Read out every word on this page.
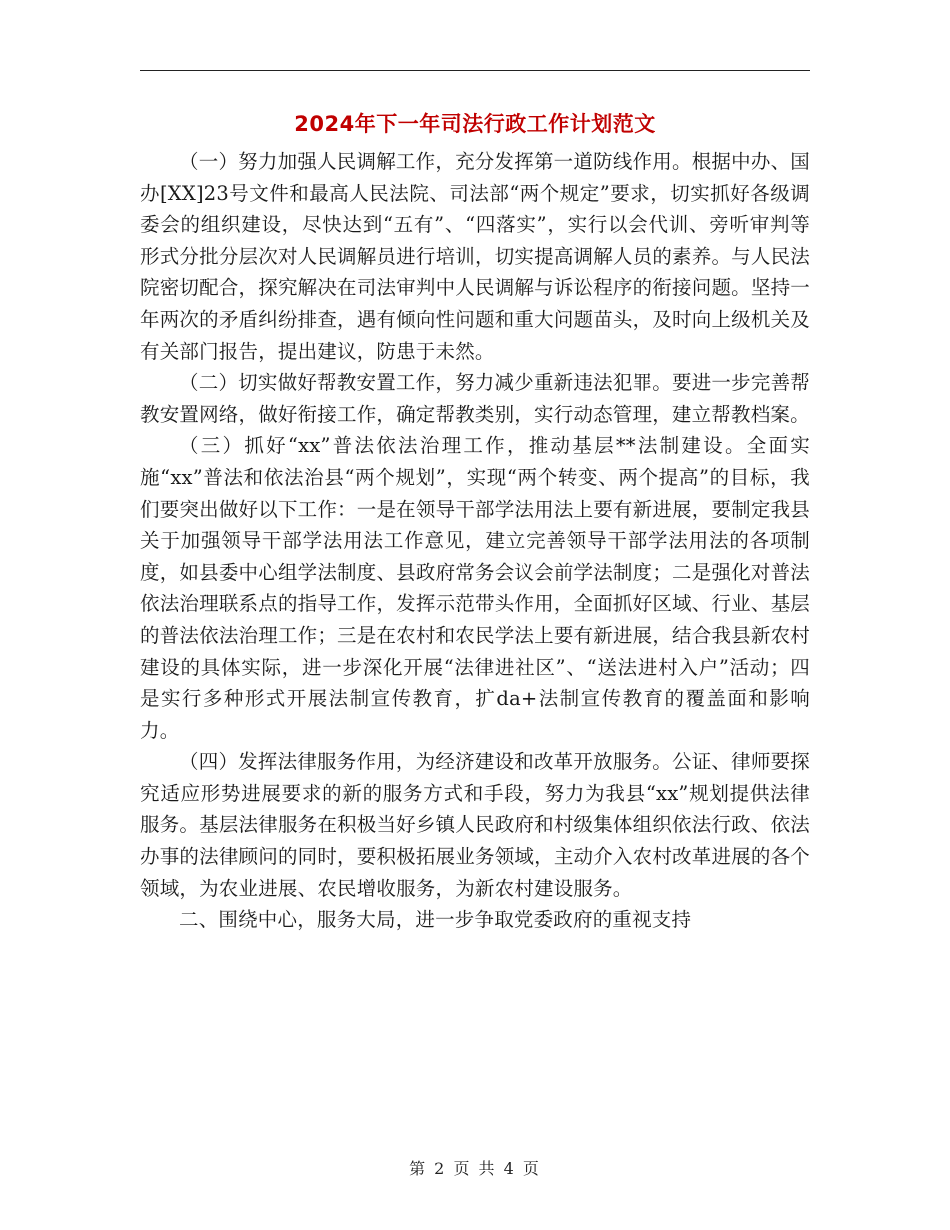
2024年下一年司法行政工作计划范文

（一）努力加强人民调解工作，充分发挥第一道防线作用。根据中办、国办[XX]23号文件和最高人民法院、司法部“两个规定”要求，切实抓好各级调委会的组织建设，尽快达到“五有”、“四落实”，实行以会代训、旁听审判等形式分批分层次对人民调解员进行培训，切实提高调解人员的素养。与人民法院密切配合，探究解决在司法审判中人民调解与诉讼程序的衔接问题。坚持一年两次的矛盾纠纷排查，遇有倾向性问题和重大问题苗头，及时向上级机关及有关部门报告，提出建议，防患于未然。

（二）切实做好帮教安置工作，努力减少重新违法犯罪。要进一步完善帮教安置网络，做好衔接工作，确定帮教类别，实行动态管理，建立帮教档案。

（三）抓好“xx”普法依法治理工作，推动基层**法制建设。全面实施“xx”普法和依法治县“两个规划”，实现“两个转变、两个提高”的目标，我们要突出做好以下工作：一是在领导干部学法用法上要有新进展，要制定我县关于加强领导干部学法用法工作意见，建立完善领导干部学法用法的各项制度，如县委中心组学法制度、县政府常务会议会前学法制度；二是强化对普法依法治理联系点的指导工作，发挥示范带头作用，全面抓好区域、行业、基层的普法依法治理工作；三是在农村和农民学法上要有新进展，结合我县新农村建设的具体实际，进一步深化开展“法律进社区”、“送法进村入户”活动；四是实行多种形式开展法制宣传教育，扩da+法制宣传教育的覆盖面和影响力。

（四）发挥法律服务作用，为经济建设和改革开放服务。公证、律师要探究适应形势进展要求的新的服务方式和手段，努力为我县“xx”规划提供法律服务。基层法律服务在积极当好乡镇人民政府和村级集体组织依法行政、依法办事的法律顾问的同时，要积极拓展业务领域，主动介入农村改革进展的各个领域，为农业进展、农民增收服务，为新农村建设服务。

二、围绕中心，服务大局，进一步争取党委政府的重视支持

第 2 页 共 4 页
